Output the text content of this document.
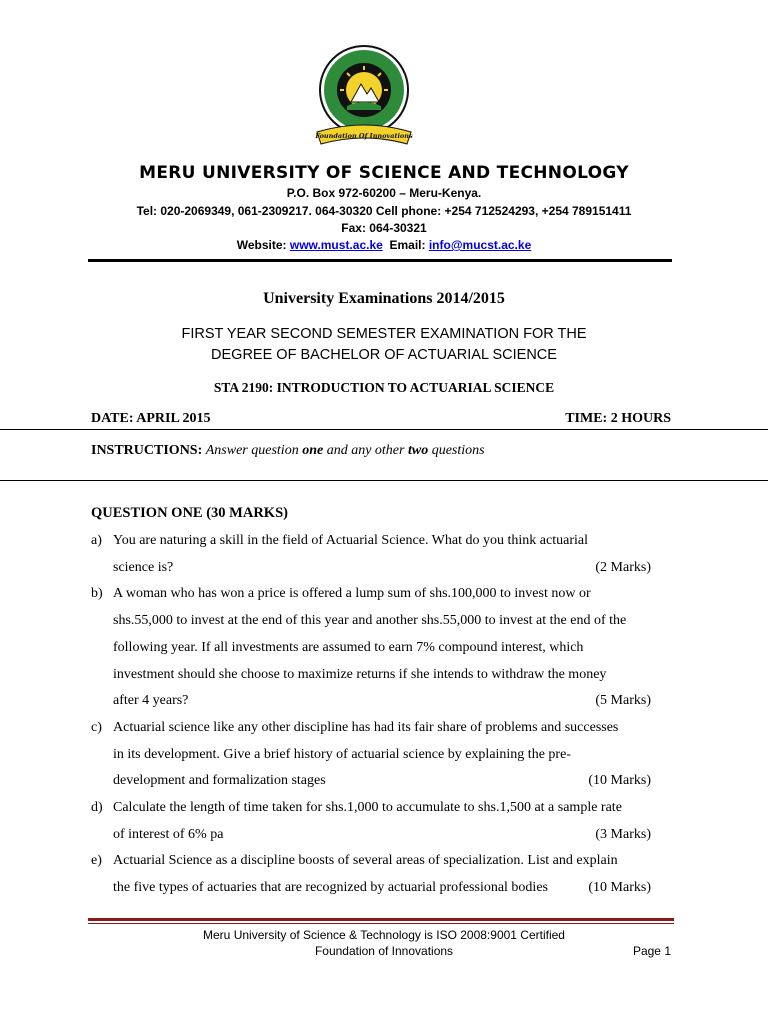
Foundation Of Innovations
MERU UNIVERSITY OF SCIENCE AND TECHNOLOGY
P.O. Box 972-60200 – Meru-Kenya.
Tel: 020-2069349, 061-2309217. 064-30320 Cell phone: +254 712524293, +254 789151411
Fax: 064-30321
Website: www.must.ac.ke Email: info@mucst.ac.ke
University Examinations 2014/2015
FIRST YEAR SECOND SEMESTER EXAMINATION FOR THE DEGREE OF BACHELOR OF ACTUARIAL SCIENCE
STA 2190: INTRODUCTION TO ACTUARIAL SCIENCE
DATE: APRIL 2015	TIME: 2 HOURS
INSTRUCTIONS: Answer question one and any other two questions
QUESTION ONE (30 MARKS)
a) You are naturing a skill in the field of Actuarial Science. What do you think actuarial
science is?	(2 Marks)
b) A woman who has won a price is offered a lump sum of shs.100,000 to invest now or
shs.55,000 to invest at the end of this year and another shs.55,000 to invest at the end of the
following year. If all investments are assumed to earn 7% compound interest, which
investment should she choose to maximize returns if she intends to withdraw the money
after 4 years?	(5 Marks)
c) Actuarial science like any other discipline has had its fair share of problems and successes
in its development. Give a brief history of actuarial science by explaining the pre-
development and formalization stages	(10 Marks)
d) Calculate the length of time taken for shs.1,000 to accumulate to shs.1,500 at a sample rate
of interest of 6% pa	(3 Marks)
e) Actuarial Science as a discipline boosts of several areas of specialization. List and explain
the five types of actuaries that are recognized by actuarial professional bodies	(10 Marks)
Meru University of Science & Technology is ISO 2008:9001 Certified
Foundation of Innovations	Page 1
